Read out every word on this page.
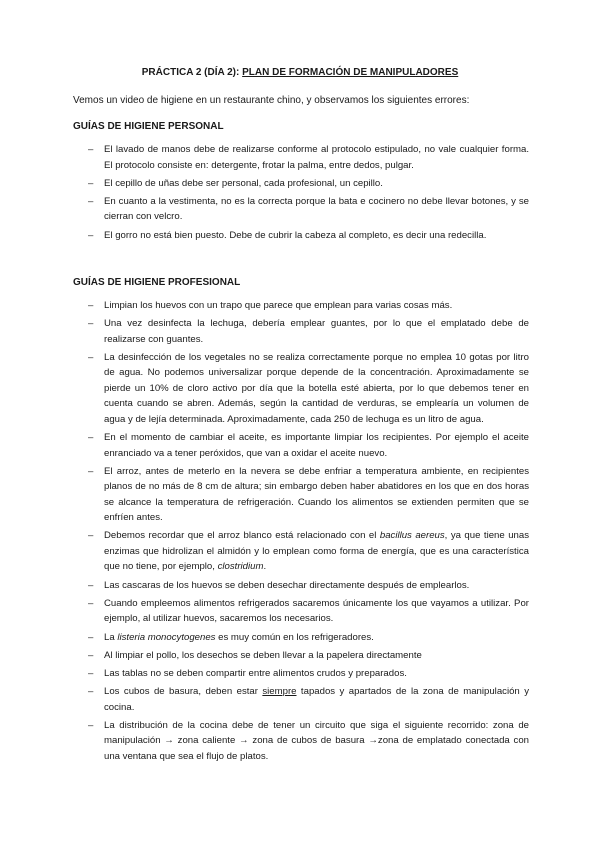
PRÁCTICA 2 (DÍA 2): PLAN DE FORMACIÓN DE MANIPULADORES
Vemos un video de higiene en un restaurante chino, y observamos los siguientes errores:
GUÍAS DE HIGIENE PERSONAL
– El lavado de manos debe de realizarse conforme al protocolo estipulado, no vale cualquier forma. El protocolo consiste en: detergente, frotar la palma, entre dedos, pulgar.
– El cepillo de uñas debe ser personal, cada profesional, un cepillo.
– En cuanto a la vestimenta, no es la correcta porque la bata e cocinero no debe llevar botones, y se cierran con velcro.
– El gorro no está bien puesto. Debe de cubrir la cabeza al completo, es decir una redecilla.
GUÍAS DE HIGIENE PROFESIONAL
– Limpian los huevos con un trapo que parece que emplean para varias cosas más.
– Una vez desinfecta la lechuga, debería emplear guantes, por lo que el emplatado debe de realizarse con guantes.
– La desinfección de los vegetales no se realiza correctamente porque no emplea 10 gotas por litro de agua. No podemos universalizar porque depende de la concentración. Aproximadamente se pierde un 10% de cloro activo por día que la botella esté abierta, por lo que debemos tener en cuenta cuando se abren. Además, según la cantidad de verduras, se emplearía un volumen de agua y de lejía determinada. Aproximadamente, cada 250 de lechuga es un litro de agua.
– En el momento de cambiar el aceite, es importante limpiar los recipientes. Por ejemplo el aceite enranciado va a tener peróxidos, que van a oxidar el aceite nuevo.
– El arroz, antes de meterlo en la nevera se debe enfriar a temperatura ambiente, en recipientes planos de no más de 8 cm de altura; sin embargo deben haber abatidores en los que en dos horas se alcance la temperatura de refrigeración. Cuando los alimentos se extienden permiten que se enfríen antes.
– Debemos recordar que el arroz blanco está relacionado con el bacillus aereus, ya que tiene unas enzimas que hidrolizan el almidón y lo emplean como forma de energía, que es una característica que no tiene, por ejemplo, clostridium.
– Las cascaras de los huevos se deben desechar directamente después de emplearlos.
– Cuando empleemos alimentos refrigerados sacaremos únicamente los que vayamos a utilizar. Por ejemplo, al utilizar huevos, sacaremos los necesarios.
– La listeria monocytogenes es muy común en los refrigeradores.
– Al limpiar el pollo, los desechos se deben llevar a la papelera directamente
– Las tablas no se deben compartir entre alimentos crudos y preparados.
– Los cubos de basura, deben estar siempre tapados y apartados de la zona de manipulación y cocina.
– La distribución de la cocina debe de tener un circuito que siga el siguiente recorrido: zona de manipulación → zona caliente → zona de cubos de basura →zona de emplatado conectada con una ventana que sea el flujo de platos.
